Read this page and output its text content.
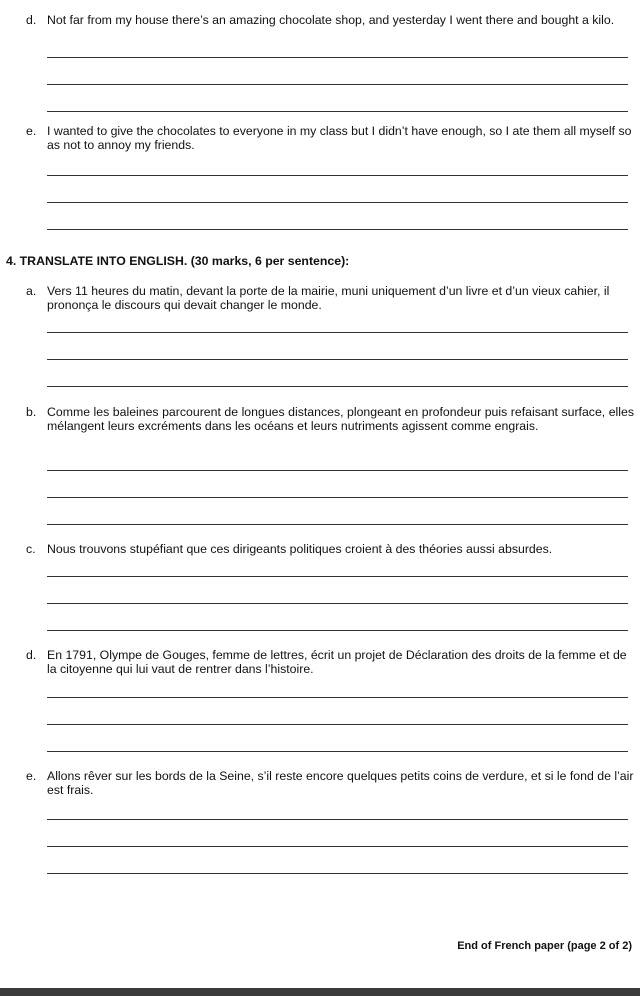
d. Not far from my house there’s an amazing chocolate shop, and yesterday I went there and bought a kilo.
e. I wanted to give the chocolates to everyone in my class but I didn’t have enough, so I ate them all myself so as not to annoy my friends.
4. TRANSLATE INTO ENGLISH. (30 marks, 6 per sentence):
a. Vers 11 heures du matin, devant la porte de la mairie, muni uniquement d’un livre et d’un vieux cahier, il prononça le discours qui devait changer le monde.
b. Comme les baleines parcourent de longues distances, plongeant en profondeur puis refaisant surface, elles mélangent leurs excréments dans les océans et leurs nutriments agissent comme engrais.
c. Nous trouvons stupéfiant que ces dirigeants politiques croient à des théories aussi absurdes.
d. En 1791, Olympe de Gouges, femme de lettres, écrit un projet de Déclaration des droits de la femme et de la citoyenne qui lui vaut de rentrer dans l’histoire.
e. Allons rêver sur les bords de la Seine, s’il reste encore quelques petits coins de verdure, et si le fond de l’air est frais.
End of French paper (page 2 of 2)
